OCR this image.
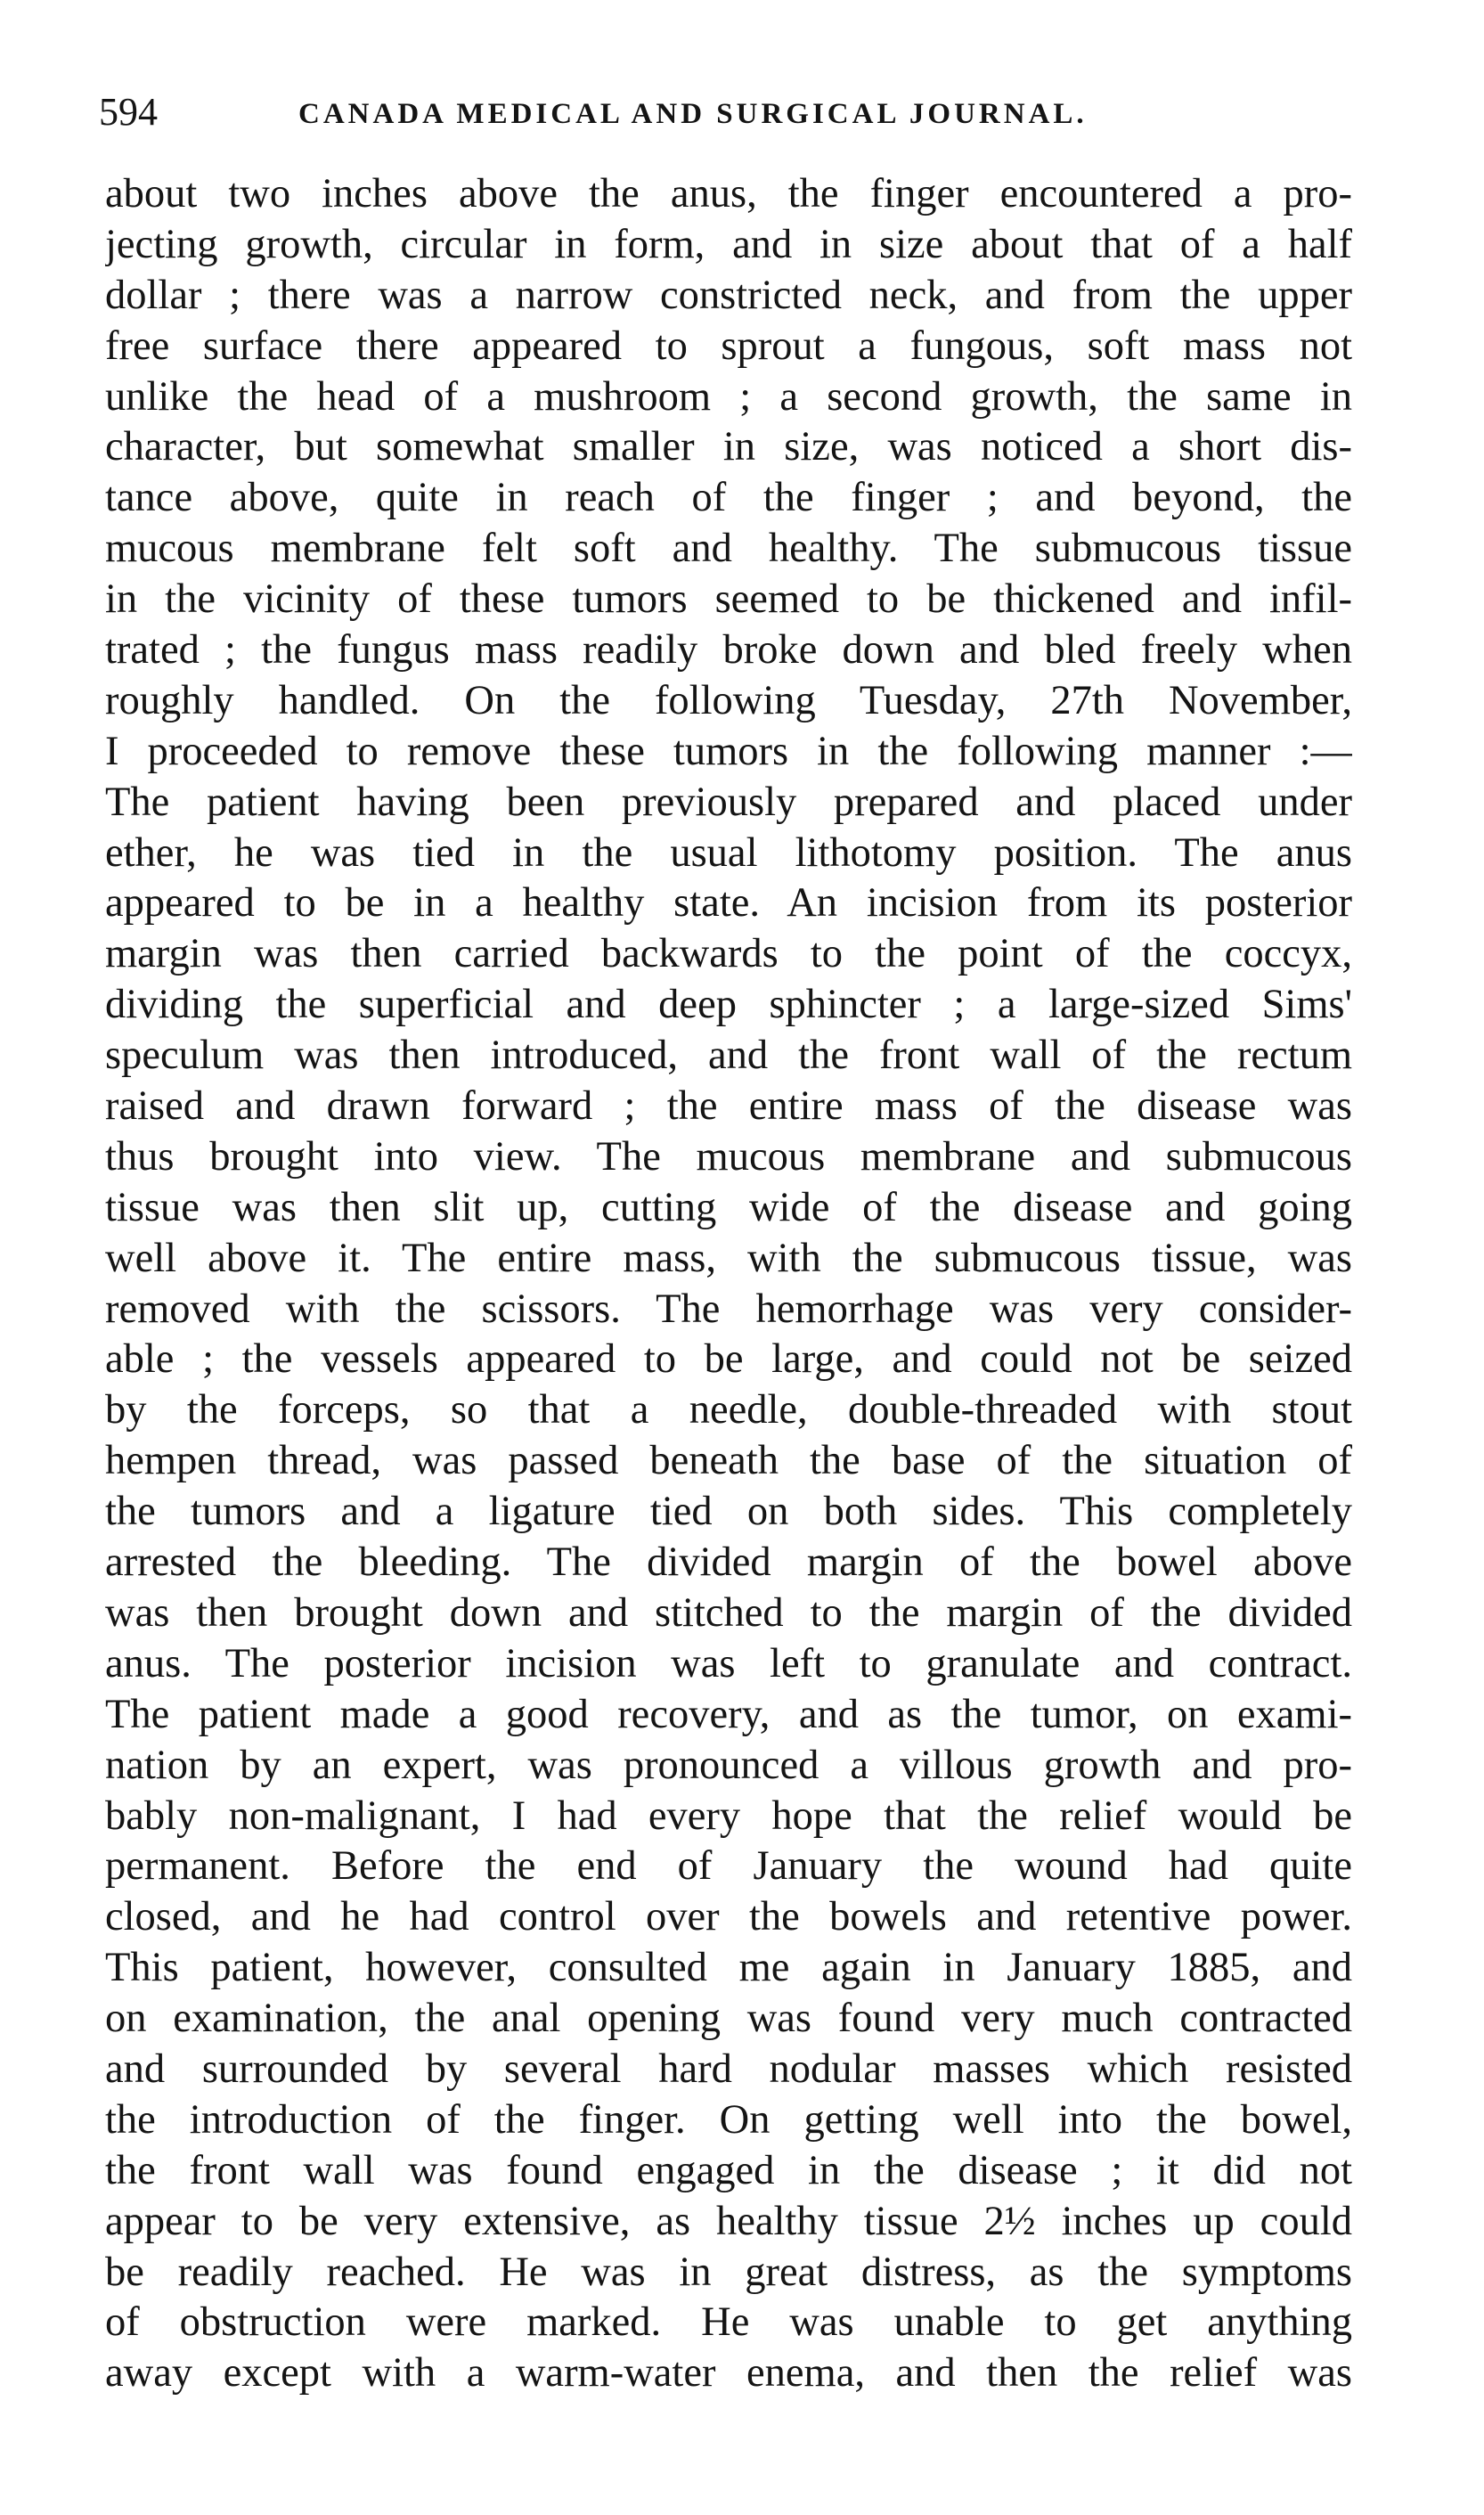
594	CANADA MEDICAL AND SURGICAL JOURNAL.
about two inches above the anus, the finger encountered a pro-
jecting growth, circular in form, and in size about that of a half
dollar ; there was a narrow constricted neck, and from the upper
free surface there appeared to sprout a fungous, soft mass not
unlike the head of a mushroom ; a second growth, the same in
character, but somewhat smaller in size, was noticed a short dis-
tance above, quite in reach of the finger ; and beyond, the
mucous membrane felt soft and healthy. The submucous tissue
in the vicinity of these tumors seemed to be thickened and infil-
trated ; the fungus mass readily broke down and bled freely when
roughly handled. On the following Tuesday, 27th November,
I proceeded to remove these tumors in the following manner :—
The patient having been previously prepared and placed under
ether, he was tied in the usual lithotomy position. The anus
appeared to be in a healthy state. An incision from its posterior
margin was then carried backwards to the point of the coccyx,
dividing the superficial and deep sphincter ; a large-sized Sims'
speculum was then introduced, and the front wall of the rectum
raised and drawn forward ; the entire mass of the disease was
thus brought into view. The mucous membrane and submucous
tissue was then slit up, cutting wide of the disease and going
well above it. The entire mass, with the submucous tissue, was
removed with the scissors. The hemorrhage was very consider-
able ; the vessels appeared to be large, and could not be seized
by the forceps, so that a needle, double-threaded with stout
hempen thread, was passed beneath the base of the situation of
the tumors and a ligature tied on both sides. This completely
arrested the bleeding. The divided margin of the bowel above
was then brought down and stitched to the margin of the divided
anus. The posterior incision was left to granulate and contract.
The patient made a good recovery, and as the tumor, on exami-
nation by an expert, was pronounced a villous growth and pro-
bably non-malignant, I had every hope that the relief would be
permanent. Before the end of January the wound had quite
closed, and he had control over the bowels and retentive power.
This patient, however, consulted me again in January 1885, and
on examination, the anal opening was found very much contracted
and surrounded by several hard nodular masses which resisted
the introduction of the finger. On getting well into the bowel,
the front wall was found engaged in the disease ; it did not
appear to be very extensive, as healthy tissue 2½ inches up could
be readily reached. He was in great distress, as the symptoms
of obstruction were marked. He was unable to get anything
away except with a warm-water enema, and then the relief was
